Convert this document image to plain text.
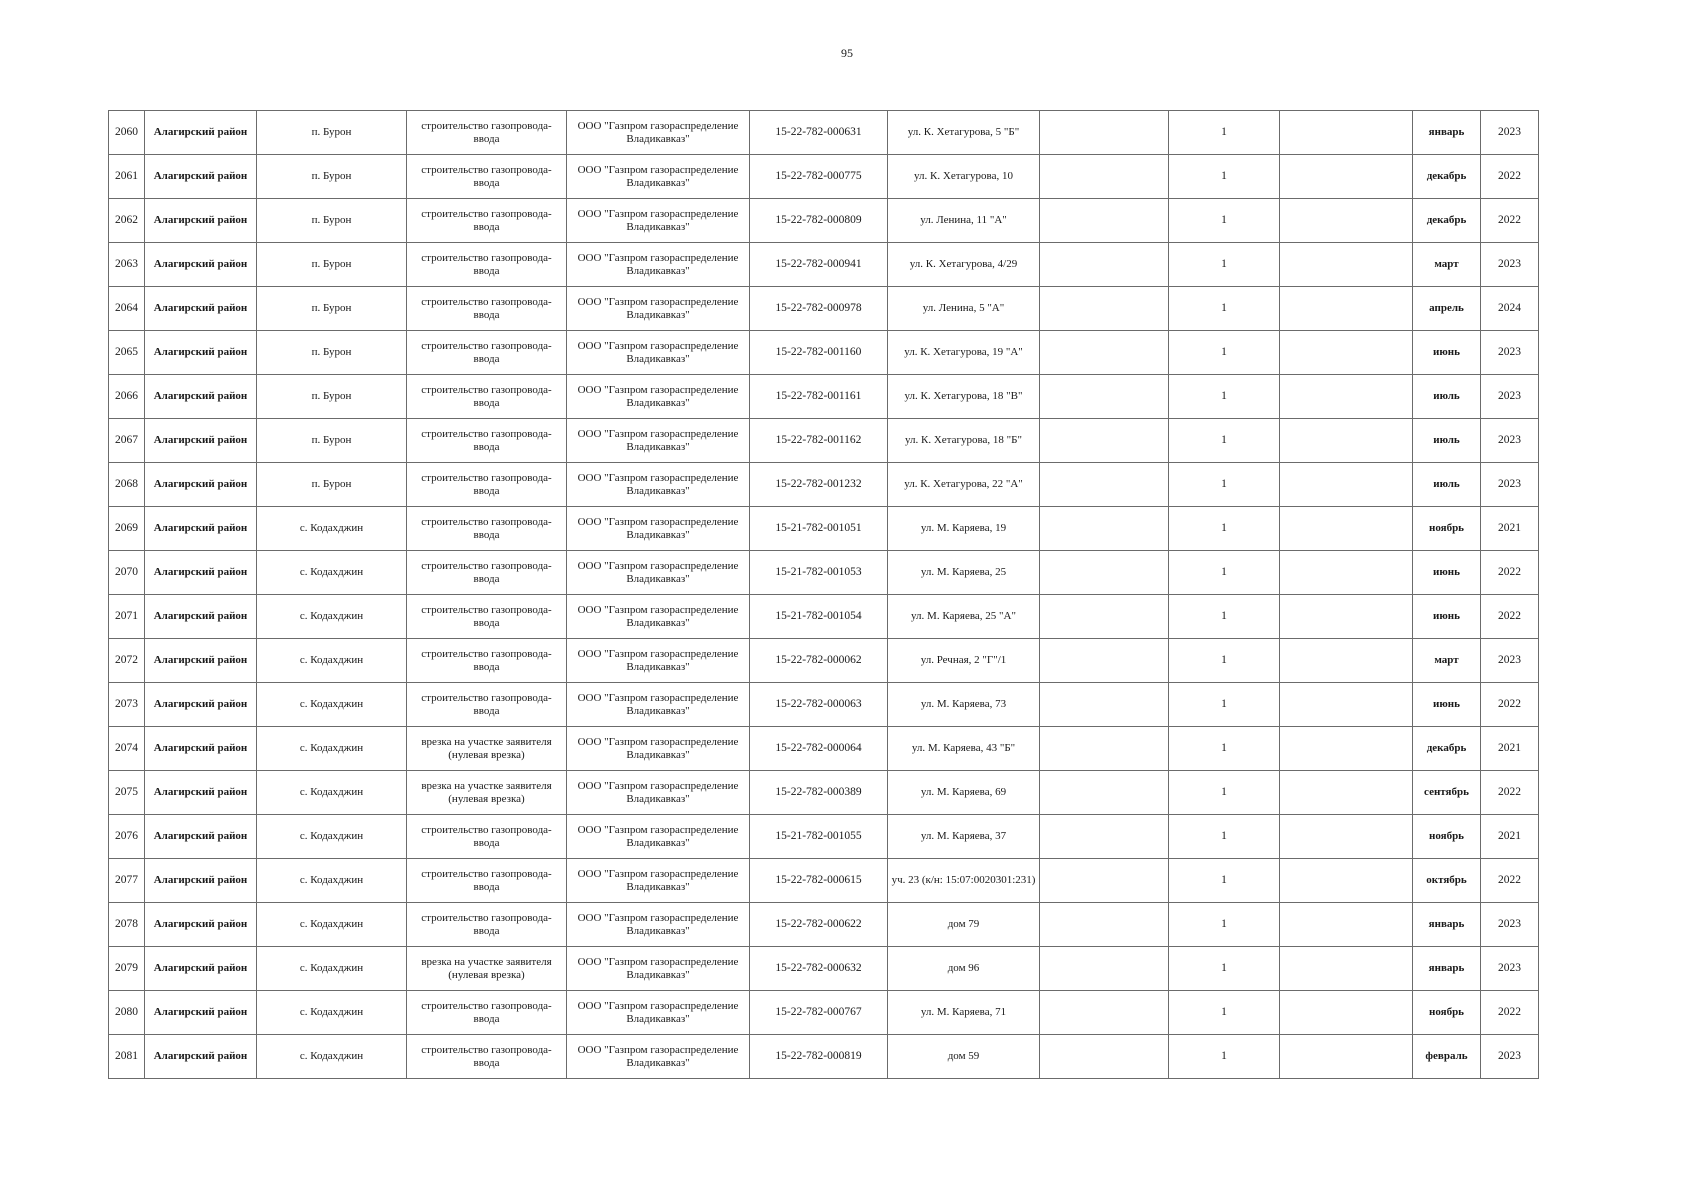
95
2060	Алагирский район	п. Бурон	строительство газопровода-ввода	ООО "Газпром газораспределение Владикавказ"	15-22-782-000631	ул. К. Хетагурова, 5 "Б"		1		январь	2023
2061	Алагирский район	п. Бурон	строительство газопровода-ввода	ООО "Газпром газораспределение Владикавказ"	15-22-782-000775	ул. К. Хетагурова, 10		1		декабрь	2022
2062	Алагирский район	п. Бурон	строительство газопровода-ввода	ООО "Газпром газораспределение Владикавказ"	15-22-782-000809	ул. Ленина, 11 "А"		1		декабрь	2022
2063	Алагирский район	п. Бурон	строительство газопровода-ввода	ООО "Газпром газораспределение Владикавказ"	15-22-782-000941	ул. К. Хетагурова, 4/29		1		март	2023
2064	Алагирский район	п. Бурон	строительство газопровода-ввода	ООО "Газпром газораспределение Владикавказ"	15-22-782-000978	ул. Ленина, 5 "А"		1		апрель	2024
2065	Алагирский район	п. Бурон	строительство газопровода-ввода	ООО "Газпром газораспределение Владикавказ"	15-22-782-001160	ул. К. Хетагурова, 19 "А"		1		июнь	2023
2066	Алагирский район	п. Бурон	строительство газопровода-ввода	ООО "Газпром газораспределение Владикавказ"	15-22-782-001161	ул. К. Хетагурова, 18 "В"		1		июль	2023
2067	Алагирский район	п. Бурон	строительство газопровода-ввода	ООО "Газпром газораспределение Владикавказ"	15-22-782-001162	ул. К. Хетагурова, 18 "Б"		1		июль	2023
2068	Алагирский район	п. Бурон	строительство газопровода-ввода	ООО "Газпром газораспределение Владикавказ"	15-22-782-001232	ул. К. Хетагурова, 22 "А"		1		июль	2023
2069	Алагирский район	с. Кодахджин	строительство газопровода-ввода	ООО "Газпром газораспределение Владикавказ"	15-21-782-001051	ул. М. Каряева, 19		1		ноябрь	2021
2070	Алагирский район	с. Кодахджин	строительство газопровода-ввода	ООО "Газпром газораспределение Владикавказ"	15-21-782-001053	ул. М. Каряева, 25		1		июнь	2022
2071	Алагирский район	с. Кодахджин	строительство газопровода-ввода	ООО "Газпром газораспределение Владикавказ"	15-21-782-001054	ул. М. Каряева, 25 "А"		1		июнь	2022
2072	Алагирский район	с. Кодахджин	строительство газопровода-ввода	ООО "Газпром газораспределение Владикавказ"	15-22-782-000062	ул. Речная, 2 "Г"/1		1		март	2023
2073	Алагирский район	с. Кодахджин	строительство газопровода-ввода	ООО "Газпром газораспределение Владикавказ"	15-22-782-000063	ул. М. Каряева, 73		1		июнь	2022
2074	Алагирский район	с. Кодахджин	врезка на участке заявителя (нулевая врезка)	ООО "Газпром газораспределение Владикавказ"	15-22-782-000064	ул. М. Каряева, 43 "Б"		1		декабрь	2021
2075	Алагирский район	с. Кодахджин	врезка на участке заявителя (нулевая врезка)	ООО "Газпром газораспределение Владикавказ"	15-22-782-000389	ул. М. Каряева, 69		1		сентябрь	2022
2076	Алагирский район	с. Кодахджин	строительство газопровода-ввода	ООО "Газпром газораспределение Владикавказ"	15-21-782-001055	ул. М. Каряева, 37		1		ноябрь	2021
2077	Алагирский район	с. Кодахджин	строительство газопровода-ввода	ООО "Газпром газораспределение Владикавказ"	15-22-782-000615	уч. 23 (к/н: 15:07:0020301:231)		1		октябрь	2022
2078	Алагирский район	с. Кодахджин	строительство газопровода-ввода	ООО "Газпром газораспределение Владикавказ"	15-22-782-000622	дом 79		1		январь	2023
2079	Алагирский район	с. Кодахджин	врезка на участке заявителя (нулевая врезка)	ООО "Газпром газораспределение Владикавказ"	15-22-782-000632	дом 96		1		январь	2023
2080	Алагирский район	с. Кодахджин	строительство газопровода-ввода	ООО "Газпром газораспределение Владикавказ"	15-22-782-000767	ул. М. Каряева, 71		1		ноябрь	2022
2081	Алагирский район	с. Кодахджин	строительство газопровода-ввода	ООО "Газпром газораспределение Владикавказ"	15-22-782-000819	дом 59		1		февраль	2023
